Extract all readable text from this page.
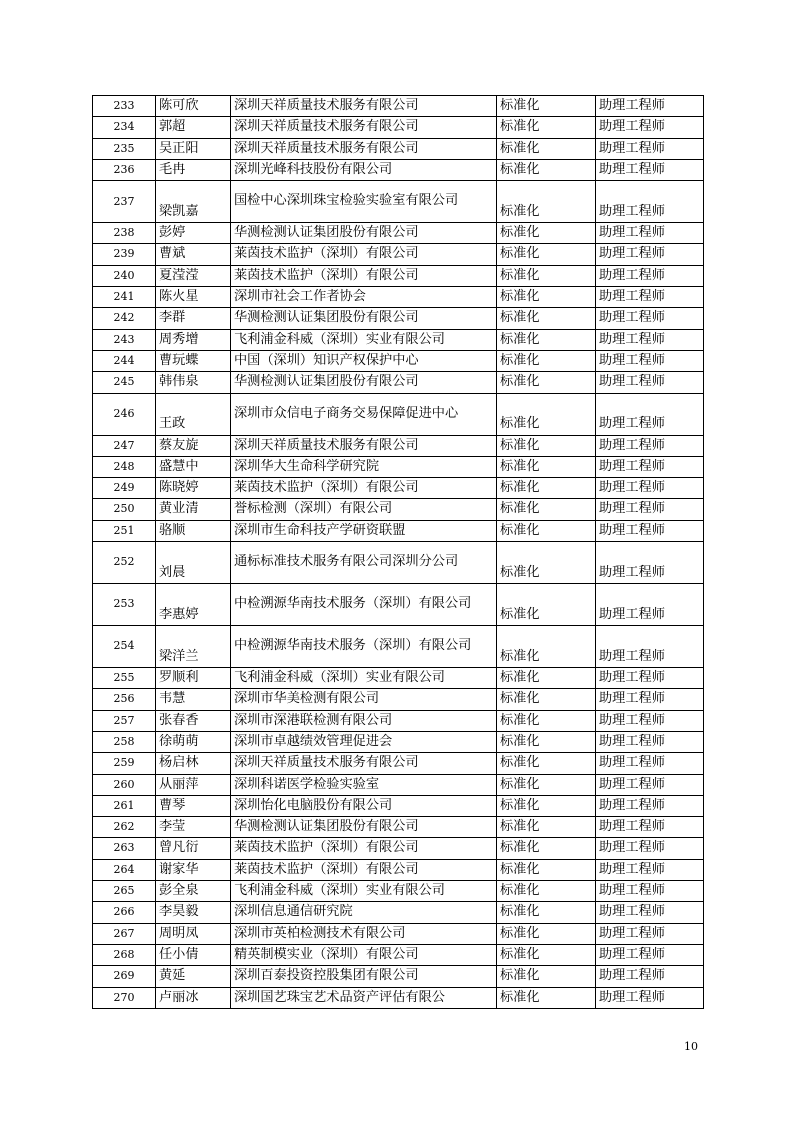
233	陈可欣	深圳天祥质量技术服务有限公司	标准化	助理工程师
234	郭超	深圳天祥质量技术服务有限公司	标准化	助理工程师
235	吴正阳	深圳天祥质量技术服务有限公司	标准化	助理工程师
236	毛冉	深圳光峰科技股份有限公司	标准化	助理工程师
237	梁凯嘉	国检中心深圳珠宝检验实验室有限公司	标准化	助理工程师
238	彭婷	华测检测认证集团股份有限公司	标准化	助理工程师
239	曹斌	莱茵技术监护（深圳）有限公司	标准化	助理工程师
240	夏滢滢	莱茵技术监护（深圳）有限公司	标准化	助理工程师
241	陈火星	深圳市社会工作者协会	标准化	助理工程师
242	李群	华测检测认证集团股份有限公司	标准化	助理工程师
243	周秀增	飞利浦金科威（深圳）实业有限公司	标准化	助理工程师
244	曹玩蝶	中国（深圳）知识产权保护中心	标准化	助理工程师
245	韩伟泉	华测检测认证集团股份有限公司	标准化	助理工程师
246	王政	深圳市众信电子商务交易保障促进中心	标准化	助理工程师
247	蔡友旋	深圳天祥质量技术服务有限公司	标准化	助理工程师
248	盛慧中	深圳华大生命科学研究院	标准化	助理工程师
249	陈晓婷	莱茵技术监护（深圳）有限公司	标准化	助理工程师
250	黄业清	誉标检测（深圳）有限公司	标准化	助理工程师
251	骆顺	深圳市生命科技产学研资联盟	标准化	助理工程师
252	刘晨	通标标准技术服务有限公司深圳分公司	标准化	助理工程师
253	李惠婷	中检溯源华南技术服务（深圳）有限公司	标准化	助理工程师
254	梁洋兰	中检溯源华南技术服务（深圳）有限公司	标准化	助理工程师
255	罗顺利	飞利浦金科威（深圳）实业有限公司	标准化	助理工程师
256	韦慧	深圳市华美检测有限公司	标准化	助理工程师
257	张春香	深圳市深港联检测有限公司	标准化	助理工程师
258	徐萌萌	深圳市卓越绩效管理促进会	标准化	助理工程师
259	杨启林	深圳天祥质量技术服务有限公司	标准化	助理工程师
260	从丽萍	深圳科诺医学检验实验室	标准化	助理工程师
261	曹琴	深圳怡化电脑股份有限公司	标准化	助理工程师
262	李莹	华测检测认证集团股份有限公司	标准化	助理工程师
263	曾凡衍	莱茵技术监护（深圳）有限公司	标准化	助理工程师
264	谢家华	莱茵技术监护（深圳）有限公司	标准化	助理工程师
265	彭全泉	飞利浦金科威（深圳）实业有限公司	标准化	助理工程师
266	李昊毅	深圳信息通信研究院	标准化	助理工程师
267	周明凤	深圳市英柏检测技术有限公司	标准化	助理工程师
268	任小倩	精英制模实业（深圳）有限公司	标准化	助理工程师
269	黄延	深圳百泰投资控股集团有限公司	标准化	助理工程师
270	卢丽冰	深圳国艺珠宝艺术品资产评估有限公	标准化	助理工程师
10
